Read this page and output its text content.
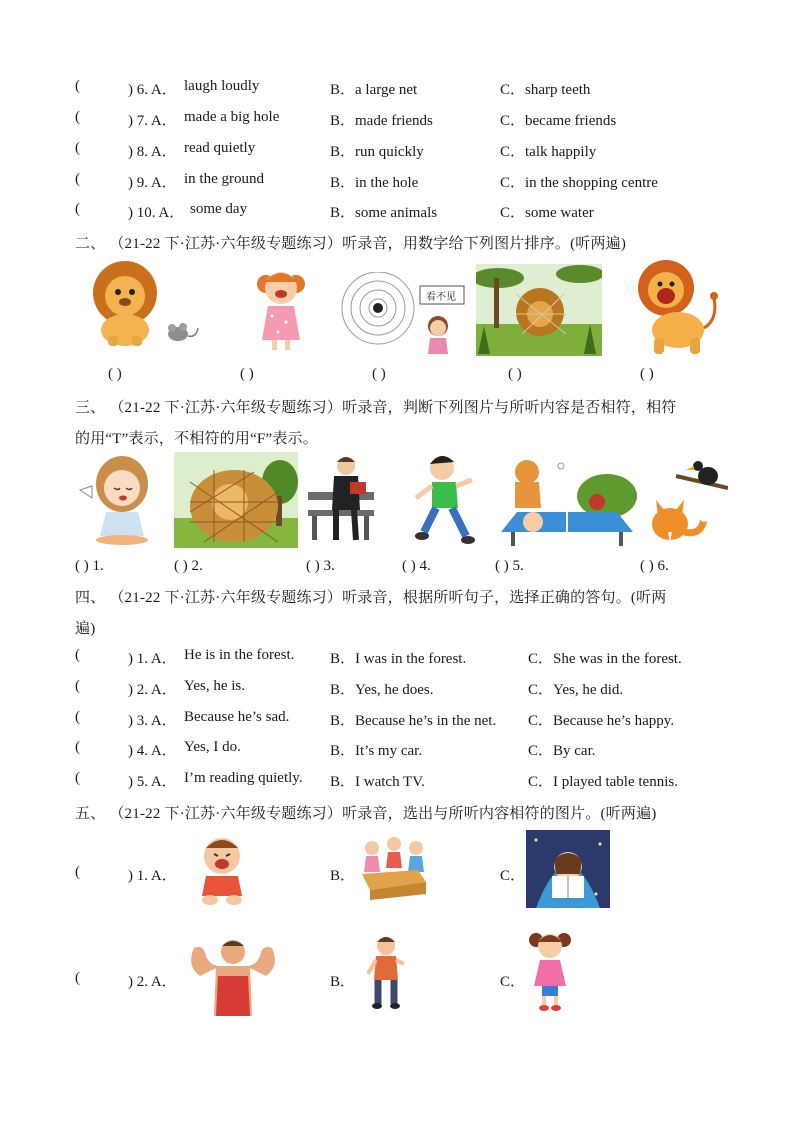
(	) 6. A． laugh loudly	B．a large net	C．sharp teeth
(	) 7. A． made a big hole	B．made friends	C．became friends
(	) 8. A． read quietly	B．run quickly	C．talk happily
(	) 9. A． in the ground	B．in the hole	C．in the shopping centre
(	) 10. A． some day	B．some animals	C．some water
二、 （21-22 下·江苏·六年级专题练习）听录音，用数字给下列图片排序。(听两遍)
看不见
( )	( )	( )	( )	( )
三、 （21-22 下·江苏·六年级专题练习）听录音，判断下列图片与所听内容是否相符，相符
的用“T”表示，不相符的用“F”表示。
( ) 1.	( ) 2.	( ) 3.	( ) 4.	( ) 5.	( ) 6.
四、 （21-22 下·江苏·六年级专题练习）听录音，根据所听句子，选择正确的答句。(听两
遍)
(	) 1. A． He is in the forest. B．I was in the forest.	C．She was in the forest.
(	) 2. A． Yes, he is.	B．Yes, he does.	C．Yes, he did.
(	) 3. A． Because he’s sad.	B．Because he’s in the net. C．Because he’s happy.
(	) 4. A． Yes, I do.	B．It’s my car.	C．By car.
(	) 5. A． I’m reading quietly. B．I watch TV.	C．I played table tennis.
五、 （21-22 下·江苏·六年级专题练习）听录音，选出与所听内容相符的图片。(听两遍)
(	) 1. A．	B．	C．
(	) 2. A．	B．	C．
